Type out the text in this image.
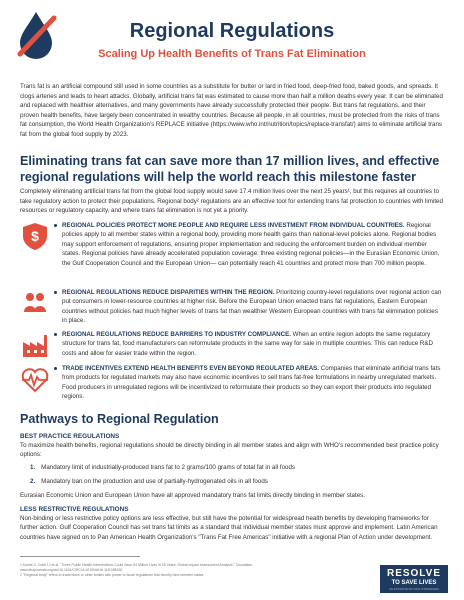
Regional Regulations
Scaling Up Health Benefits of Trans Fat Elimination
Trans fat is an artificial compound still used in some countries as a substitute for butter or lard in fried food, deep-fried food, baked goods, and spreads. It clogs arteries and leads to heart attacks. Globally, artificial trans fat was estimated to cause more than half a million deaths every year. It can be eliminated and replaced with healthier alternatives, and many governments have already successfully protected their people. But trans fat regulations, and their proven health benefits, have largely been concentrated in wealthy countries. Because all people, in all countries, must be protected from the risks of trans fat consumption, the World Health Organization's REPLACE initiative (https://www.who.int/nutrition/topics/replace-transfat/) aims to eliminate artificial trans fat from the global food supply by 2023.
Eliminating trans fat can save more than 17 million lives, and effective regional regulations will help the world reach this milestone faster
Completely eliminating artificial trans fat from the global food supply would save 17.4 million lives over the next 25 years¹, but this requires all countries to take regulatory action to protect their populations. Regional body² regulations are an effective tool for extending trans fat protection to countries with limited resources or regulatory capacity, and where trans fat elimination is not yet a priority.
$
REGIONAL POLICIES PROTECT MORE PEOPLE AND REQUIRE LESS INVESTMENT FROM INDIVIDUAL COUNTRIES. Regional policies apply to all member states within a regional body, providing more health gains than national-level policies alone. Regional bodies may support enforcement of regulations, ensuring proper implementation and reducing the enforcement burden on individual member states. Regional policies have already accelerated population coverage: three existing regional policies—in the Eurasian Economic Union, the Gulf Cooperation Council and the European Union— can potentially reach 41 countries and protect more than 700 million people.
REGIONAL REGULATIONS REDUCE DISPARITIES WITHIN THE REGION. Prioritizing country-level regulations over regional action can put consumers in lower-resource countries at higher risk. Before the European Union enacted trans fat regulations, Eastern European countries without policies had much higher levels of trans fat than wealthier Western European countries with trans fat elimination policies in place.
REGIONAL REGULATIONS REDUCE BARRIERS TO INDUSTRY COMPLIANCE. When an entire region adopts the same regulatory structure for trans fat, food manufacturers can reformulate products in the same way for sale in multiple countries. This can reduce R&D costs and allow for easier trade within the region.
TRADE INCENTIVES EXTEND HEALTH BENEFITS EVEN BEYOND REGULATED AREAS. Companies that eliminate artificial trans fats from products for regulated markets may also have economic incentives to sell trans fat-free formulations in nearby unregulated markets. Food producers in unregulated regions will be incentivized to reformulate their products so they can export their products into regulated regions.
Pathways to Regional Regulation
BEST PRACTICE REGULATIONS
To maximize health benefits, regional regulations should be directly binding in all member states and align with WHO's recommended best practice policy options:
1. Mandatory limit of industrially-produced trans fat to 2 grams/100 grams of total fat in all foods
2. Mandatory ban on the production and use of partially-hydrogenated oils in all foods
Eurasian Economic Union and European Union have all approved mandatory trans fat limits directly binding in member states.
LESS RESTRICTIVE REGULATIONS
Non-binding or less restrictive policy options are less effective, but still have the potential for widespread health benefits by developing frameworks for further action. Gulf Cooperation Council has set trans fat limits as a standard that individual member states must approve and implement. Latin American countries have signed on to Pan American Health Organization's "Trans Fat Free Americas" initiative with a regional Plan of Action under development.
1 Kontis V, Cobb LJ et al. "Three Public Health Interventions Could Save 94 Million Lives in 25 Years: Global Impact Assessment Analysis." Circulation. www.ahajournals.org/doi/10.1161/CIRCULATIONAHA.118.038160
2 "Regional body" refers to trade blocs or other bodies with power to issue regulations that directly bind member states.	RESOLVE
TO SAVE LIVES
AN INITIATIVE OF VITAL STRATEGIES
